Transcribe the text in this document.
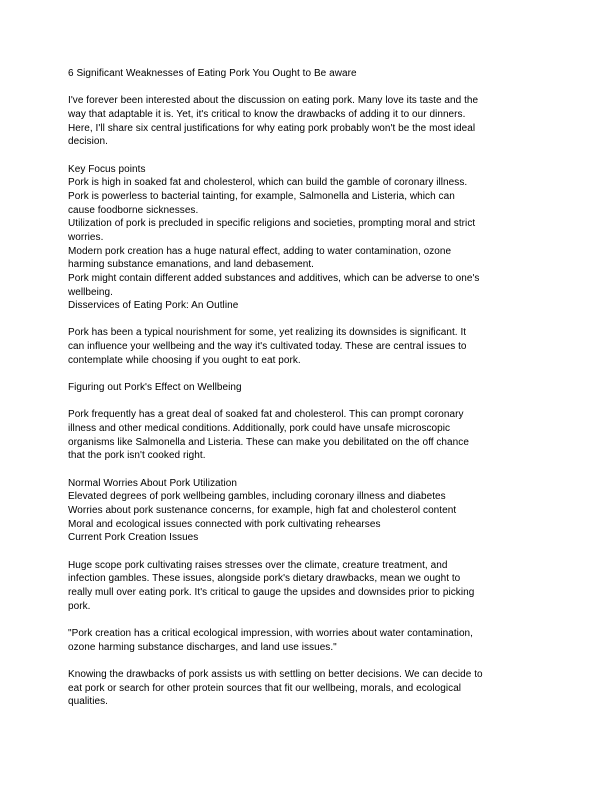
6 Significant Weaknesses of Eating Pork You Ought to Be aware
I've forever been interested about the discussion on eating pork. Many love its taste and the
way that adaptable it is. Yet, it's critical to know the drawbacks of adding it to our dinners.
Here, I'll share six central justifications for why eating pork probably won't be the most ideal
decision.
Key Focus points
Pork is high in soaked fat and cholesterol, which can build the gamble of coronary illness.
Pork is powerless to bacterial tainting, for example, Salmonella and Listeria, which can
cause foodborne sicknesses.
Utilization of pork is precluded in specific religions and societies, prompting moral and strict
worries.
Modern pork creation has a huge natural effect, adding to water contamination, ozone
harming substance emanations, and land debasement.
Pork might contain different added substances and additives, which can be adverse to one's
wellbeing.
Disservices of Eating Pork: An Outline
Pork has been a typical nourishment for some, yet realizing its downsides is significant. It
can influence your wellbeing and the way it's cultivated today. These are central issues to
contemplate while choosing if you ought to eat pork.
Figuring out Pork's Effect on Wellbeing
Pork frequently has a great deal of soaked fat and cholesterol. This can prompt coronary
illness and other medical conditions. Additionally, pork could have unsafe microscopic
organisms like Salmonella and Listeria. These can make you debilitated on the off chance
that the pork isn't cooked right.
Normal Worries About Pork Utilization
Elevated degrees of pork wellbeing gambles, including coronary illness and diabetes
Worries about pork sustenance concerns, for example, high fat and cholesterol content
Moral and ecological issues connected with pork cultivating rehearses
Current Pork Creation Issues
Huge scope pork cultivating raises stresses over the climate, creature treatment, and
infection gambles. These issues, alongside pork's dietary drawbacks, mean we ought to
really mull over eating pork. It's critical to gauge the upsides and downsides prior to picking
pork.
"Pork creation has a critical ecological impression, with worries about water contamination,
ozone harming substance discharges, and land use issues."
Knowing the drawbacks of pork assists us with settling on better decisions. We can decide to
eat pork or search for other protein sources that fit our wellbeing, morals, and ecological
qualities.
